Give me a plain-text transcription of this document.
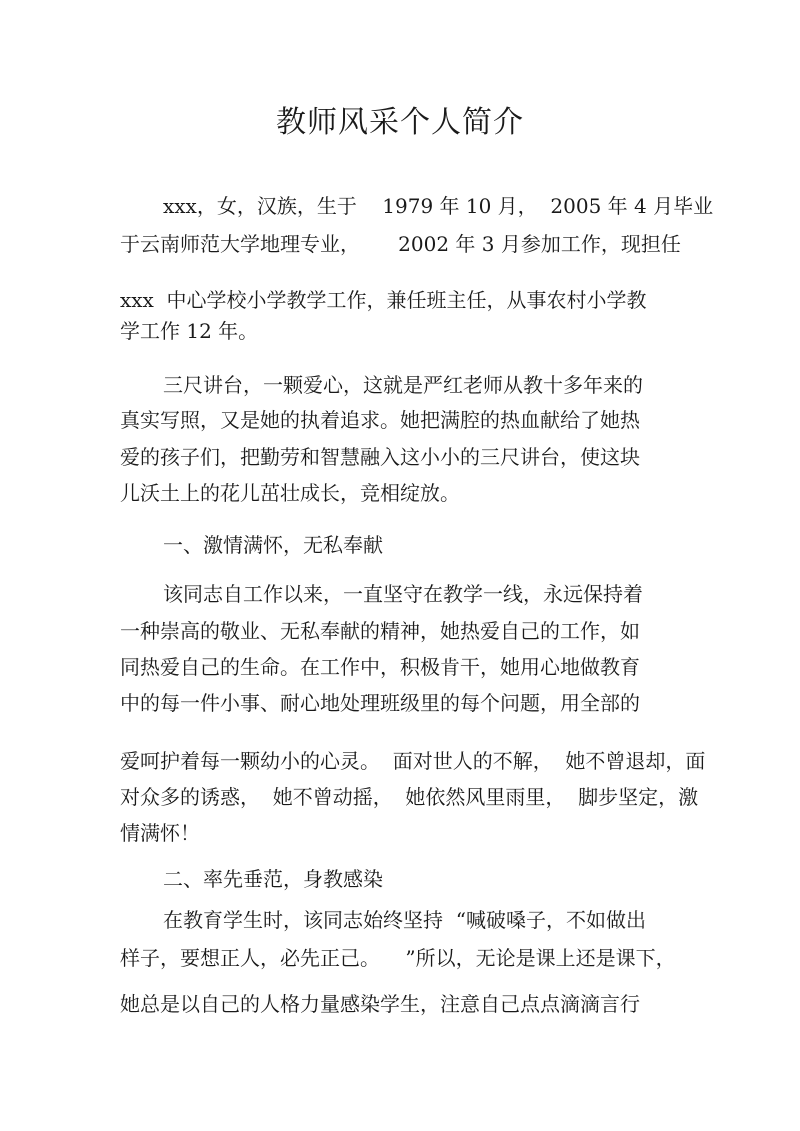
教师风采个人简介
xxx，女，汉族，生于    1979 年 10 月，  2005 年 4 月毕业
于云南师范大学地理专业，      2002 年 3 月参加工作，现担任
xxx  中心学校小学教学工作，兼任班主任，从事农村小学教
学工作 12 年。
三尺讲台，一颗爱心，这就是严红老师从教十多年来的
真实写照，又是她的执着追求。她把满腔的热血献给了她热
爱的孩子们，把勤劳和智慧融入这小小的三尺讲台，使这块
儿沃土上的花儿茁壮成长，竞相绽放。
一、激情满怀，无私奉献
该同志自工作以来，一直坚守在教学一线，永远保持着
一种崇高的敬业、无私奉献的精神，她热爱自己的工作，如
同热爱自己的生命。在工作中，积极肯干，她用心地做教育
中的每一件小事、耐心地处理班级里的每个问题，用全部的
爱呵护着每一颗幼小的心灵。  面对世人的不解，  她不曾退却，面
对众多的诱惑，  她不曾动摇，  她依然风里雨里，  脚步坚定，激
情满怀！
二、率先垂范，身教感染
在教育学生时，该同志始终坚持  “喊破嗓子，不如做出
样子，要想正人，必先正己。    ”所以，无论是课上还是课下，
她总是以自己的人格力量感染学生，注意自己点点滴滴言行
